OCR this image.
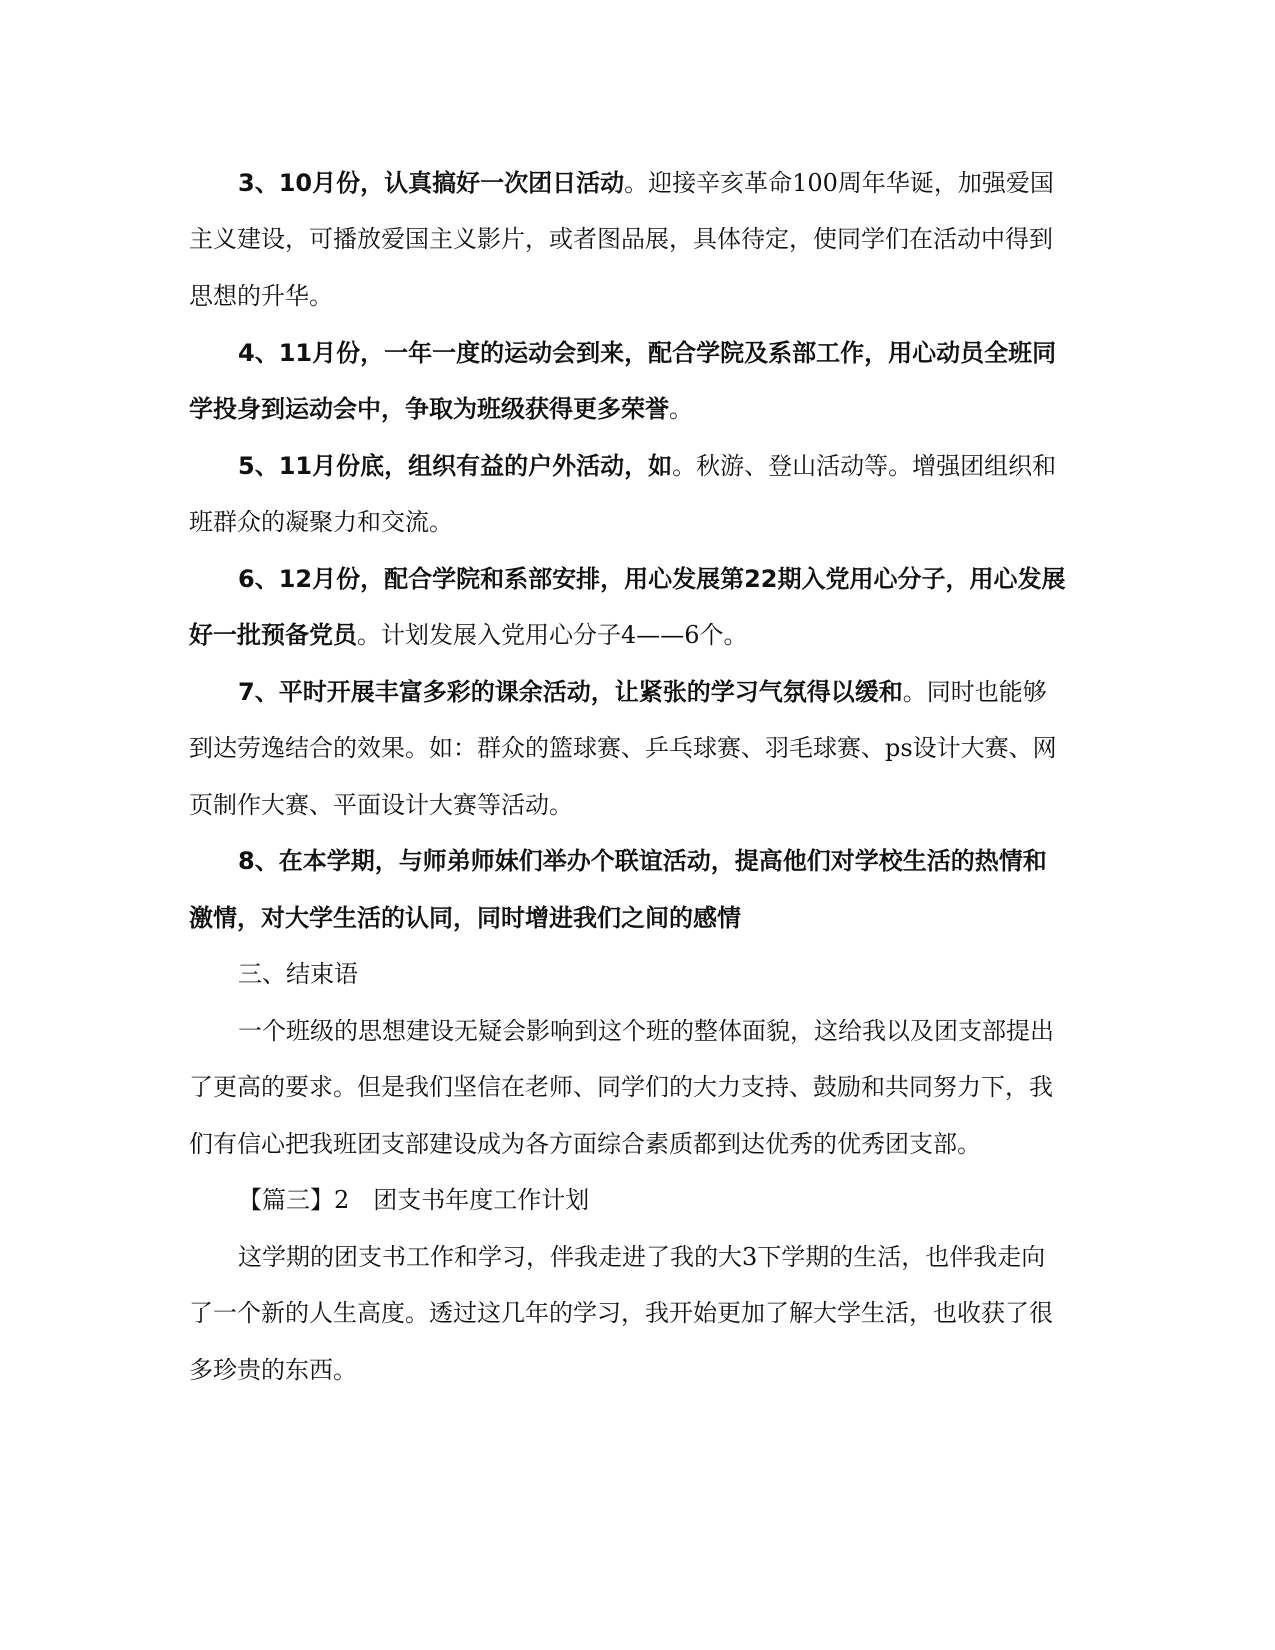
3、10月份，认真搞好一次团日活动。迎接辛亥革命100周年华诞，加强爱国
主义建设，可播放爱国主义影片，或者图品展，具体待定，使同学们在活动中得到
思想的升华。
4、11月份，一年一度的运动会到来，配合学院及系部工作，用心动员全班同
学投身到运动会中，争取为班级获得更多荣誉。
5、11月份底，组织有益的户外活动，如。秋游、登山活动等。增强团组织和
班群众的凝聚力和交流。
6、12月份，配合学院和系部安排，用心发展第22期入党用心分子，用心发展
好一批预备党员。计划发展入党用心分子4——6个。
7、平时开展丰富多彩的课余活动，让紧张的学习气氛得以缓和。同时也能够
到达劳逸结合的效果。如：群众的篮球赛、乒乓球赛、羽毛球赛、ps设计大赛、网
页制作大赛、平面设计大赛等活动。
8、在本学期，与师弟师妹们举办个联谊活动，提高他们对学校生活的热情和
激情，对大学生活的认同，同时增进我们之间的感情
三、结束语
一个班级的思想建设无疑会影响到这个班的整体面貌，这给我以及团支部提出
了更高的要求。但是我们坚信在老师、同学们的大力支持、鼓励和共同努力下，我
们有信心把我班团支部建设成为各方面综合素质都到达优秀的优秀团支部。
【篇三】2　团支书年度工作计划
这学期的团支书工作和学习，伴我走进了我的大3下学期的生活，也伴我走向
了一个新的人生高度。透过这几年的学习，我开始更加了解大学生活，也收获了很
多珍贵的东西。
